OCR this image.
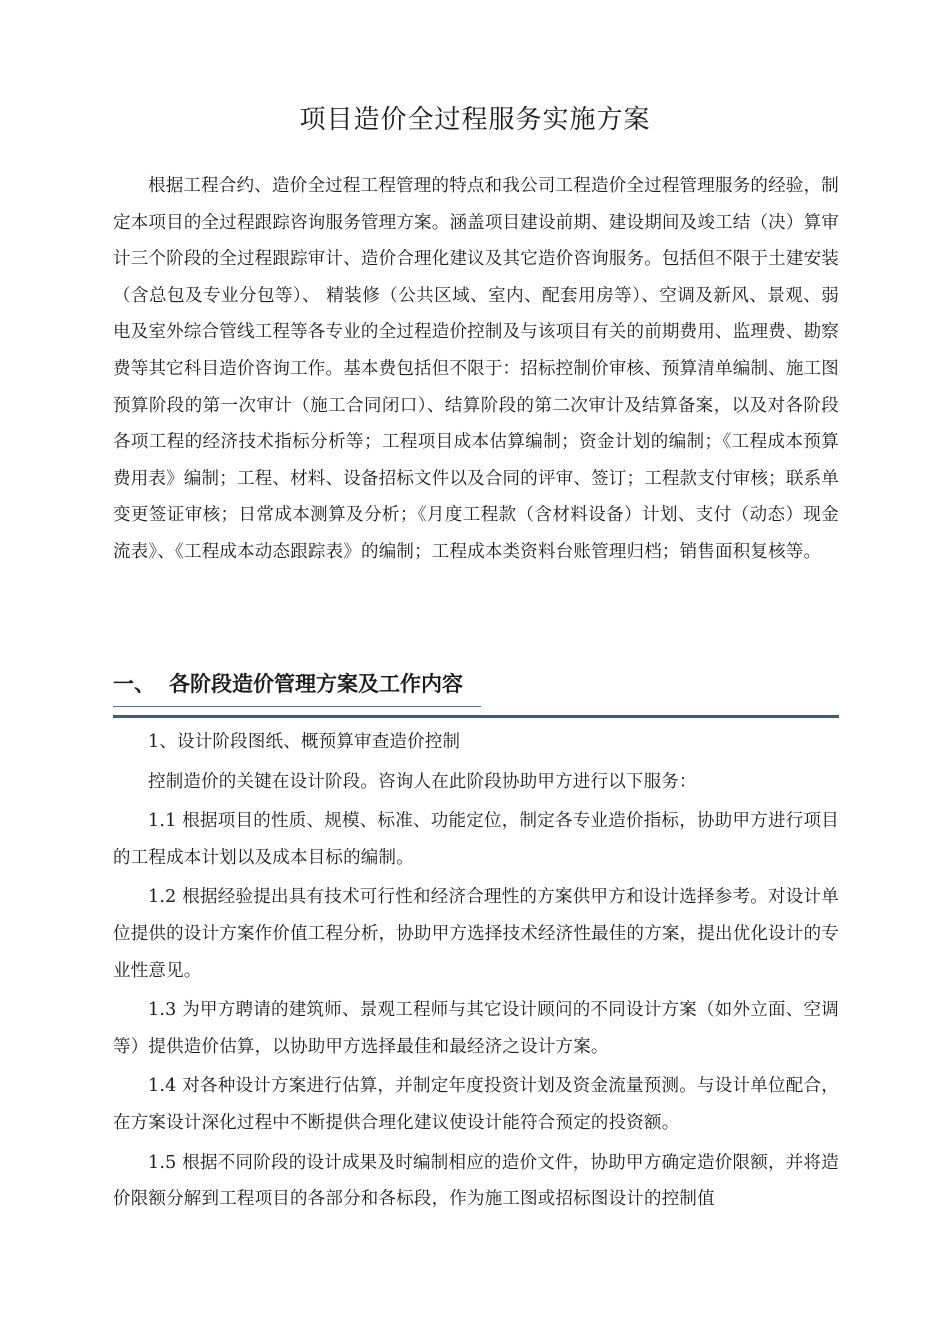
项目造价全过程服务实施方案

根据工程合约、造价全过程工程管理的特点和我公司工程造价全过程管理服务的经验，制定本项目的全过程跟踪咨询服务管理方案。涵盖项目建设前期、建设期间及竣工结（决）算审计三个阶段的全过程跟踪审计、造价合理化建议及其它造价咨询服务。包括但不限于土建安装（含总包及专业分包等）、 精装修（公共区域、室内、配套用房等）、空调及新风、景观、弱电及室外综合管线工程等各专业的全过程造价控制及与该项目有关的前期费用、监理费、勘察费等其它科目造价咨询工作。基本费包括但不限于：招标控制价审核、预算清单编制、施工图预算阶段的第一次审计（施工合同闭口）、结算阶段的第二次审计及结算备案，以及对各阶段各项工程的经济技术指标分析等；工程项目成本估算编制；资金计划的编制；《工程成本预算费用表》编制；工程、材料、设备招标文件以及合同的评审、签订；工程款支付审核；联系单变更签证审核；日常成本测算及分析；《月度工程款（含材料设备）计划、支付（动态）现金流表》、《工程成本动态跟踪表》的编制；工程成本类资料台账管理归档；销售面积复核等。

一、 各阶段造价管理方案及工作内容

1、设计阶段图纸、概预算审查造价控制

控制造价的关键在设计阶段。咨询人在此阶段协助甲方进行以下服务：

1.1 根据项目的性质、规模、标准、功能定位，制定各专业造价指标，协助甲方进行项目的工程成本计划以及成本目标的编制。

1.2 根据经验提出具有技术可行性和经济合理性的方案供甲方和设计选择参考。对设计单位提供的设计方案作价值工程分析，协助甲方选择技术经济性最佳的方案，提出优化设计的专业性意见。

1.3 为甲方聘请的建筑师、景观工程师与其它设计顾问的不同设计方案（如外立面、空调等）提供造价估算，以协助甲方选择最佳和最经济之设计方案。

1.4 对各种设计方案进行估算，并制定年度投资计划及资金流量预测。与设计单位配合，在方案设计深化过程中不断提供合理化建议使设计能符合预定的投资额。

1.5 根据不同阶段的设计成果及时编制相应的造价文件，协助甲方确定造价限额，并将造价限额分解到工程项目的各部分和各标段，作为施工图或招标图设计的控制值
